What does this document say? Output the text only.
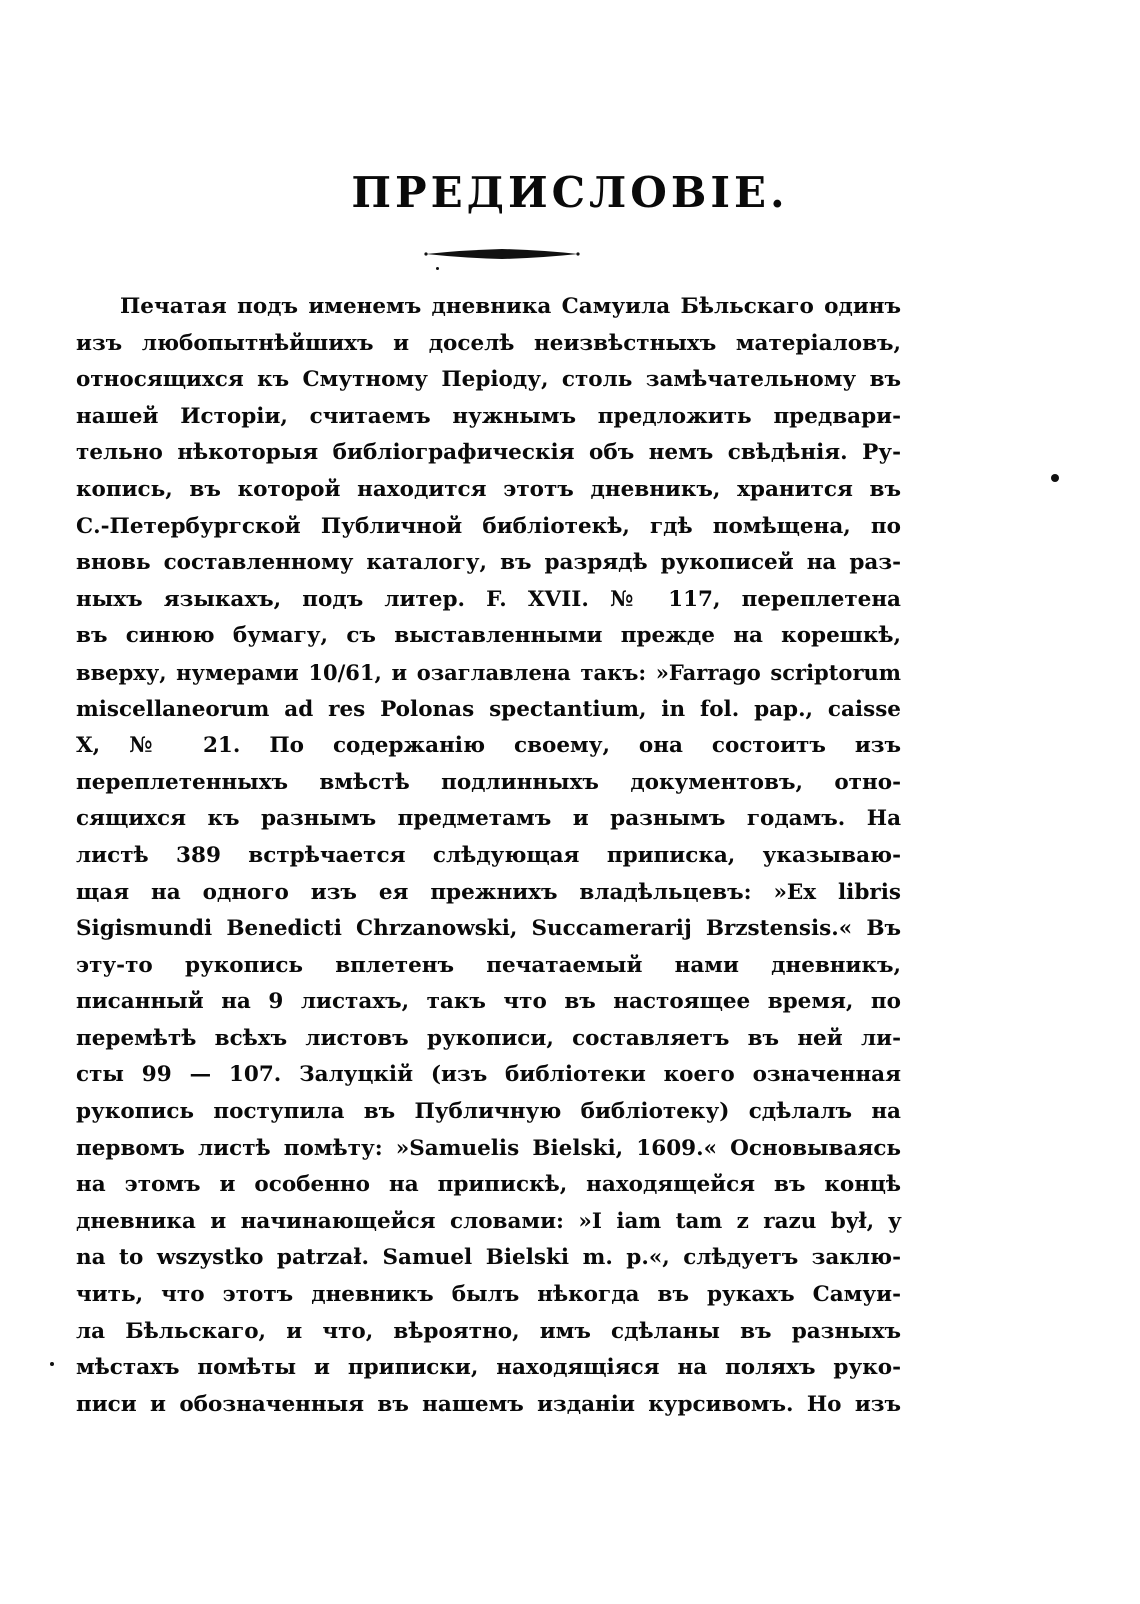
ПРЕДИСЛОВІЕ.
Печатая подъ именемъ дневника Самуила Бѣльскаго одинъ
изъ любопытнѣйшихъ и доселѣ неизвѣстныхъ матеріаловъ,
относящихся къ Смутному Періоду, столь замѣчательному въ
нашей Исторіи, считаемъ нужнымъ предложить предвари-
тельно нѣкоторыя библіографическія объ немъ свѣдѣнія. Ру-
копись, въ которой находится этотъ дневникъ, хранится въ
С.-Петербургской Публичной библіотекѣ, гдѣ помѣщена, по
вновь составленному каталогу, въ разрядѣ рукописей на раз-
ныхъ языкахъ, подъ литер. F. XVII. № 117, переплетена
въ синюю бумагу, съ выставленными прежде на корешкѣ,
вверху, нумерами 10/61, и озаглавлена такъ: »Farrago scriptorum
miscellaneorum ad res Polonas spectantium, in fol. pap., caisse
X, № 21. По содержанію своему, она состоитъ изъ
переплетенныхъ вмѣстѣ подлинныхъ документовъ, отно-
сящихся къ разнымъ предметамъ и разнымъ годамъ. На
листѣ 389 встрѣчается слѣдующая приписка, указываю-
щая на одного изъ ея прежнихъ владѣльцевъ: »Ex libris
Sigismundi Benedicti Chrzanowski, Succamerarij Brzstensis.« Въ
эту-то рукопись вплетенъ печатаемый нами дневникъ,
писанный на 9 листахъ, такъ что въ настоящее время, по
перемѣтѣ всѣхъ листовъ рукописи, составляетъ въ ней ли-
сты 99 — 107. Залуцкій (изъ библіотеки коего означенная
рукопись поступила въ Публичную библіотеку) сдѣлалъ на
первомъ листѣ помѣту: »Samuelis Bielski, 1609.« Основываясь
на этомъ и особенно на припискѣ, находящейся въ концѣ
дневника и начинающейся словами: »I iam tam z razu był, y
na to wszystko patrzał. Samuel Bielski m. p.«, слѣдуетъ заклю-
чить, что этотъ дневникъ былъ нѣкогда въ рукахъ Самуи-
ла Бѣльскаго, и что, вѣроятно, имъ сдѣланы въ разныхъ
мѣстахъ помѣты и приписки, находящіяся на поляхъ руко-
писи и обозначенныя въ нашемъ изданіи курсивомъ. Но изъ
